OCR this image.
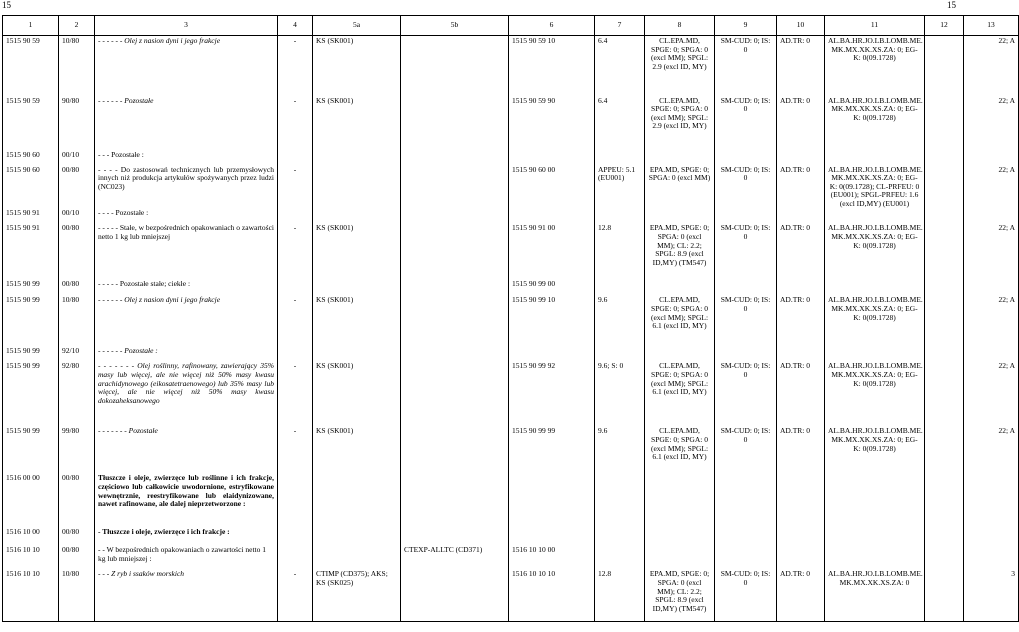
15	15
1	2	3	4	5a	5b	6	7	8	9	10	11	12	13
1515 90 59	10/80	- - - - - - Olej z nasion dyni i jego frakcje	-	KS (SK001)		1515 90 59 10	6.4	CL.EPA.MD, SPGE: 0; SPGA: 0 (excl MM); SPGL: 2.9 (excl ID, MY)	SM-CUD: 0; IS: 0	AD.TR: 0	AL.BA.HR.JO.LB.LOMB.ME. MK.MX.XK.XS.ZA: 0; EG-K: 0(09.1728)		22; A
1515 90 59	90/80	- - - - - - Pozostałe	-	KS (SK001)		1515 90 59 90	6.4	CL.EPA.MD, SPGE: 0; SPGA: 0 (excl MM); SPGL: 2.9 (excl ID, MY)	SM-CUD: 0; IS: 0	AD.TR: 0	AL.BA.HR.JO.LB.LOMB.ME. MK.MX.XK.XS.ZA: 0; EG-K: 0(09.1728)		22; A
1515 90 60	00/10	- - - Pozostałe :											
1515 90 60	00/80	- - - - Do zastosowań technicznych lub przemysłowych innych niż produkcja artykułów spożywanych przez ludzi (NC023)	-			1515 90 60 00	APPEU: 5.1 (EU001)	EPA.MD, SPGE: 0; SPGA: 0 (excl MM)	SM-CUD: 0; IS: 0	AD.TR: 0	AL.BA.HR.JO.LB.LOMB.ME. MK.MX.XK.XS.ZA: 0; EG-K: 0(09.1728); CL-PRFEU: 0 (EU001); SPGL-PRFEU: 1.6 (excl ID,MY) (EU001)		22; A
1515 90 91	00/10	- - - - Pozostałe :											
1515 90 91	00/80	- - - - - Stałe, w bezpośrednich opakowaniach o zawartości netto 1 kg lub mniejszej	-	KS (SK001)		1515 90 91 00	12.8	EPA.MD, SPGE: 0; SPGA: 0 (excl MM); CL: 2.2; SPGL: 8.9 (excl ID,MY) (TM547)	SM-CUD: 0; IS: 0	AD.TR: 0	AL.BA.HR.JO.LB.LOMB.ME. MK.MX.XK.XS.ZA: 0; EG-K: 0(09.1728)		22; A
1515 90 99	00/80	- - - - - Pozostałe stałe; ciekłe :				1515 90 99 00							
1515 90 99	10/80	- - - - - - Olej z nasion dyni i jego frakcje	-	KS (SK001)		1515 90 99 10	9.6	CL.EPA.MD, SPGE: 0; SPGA: 0 (excl MM); SPGL: 6.1 (excl ID, MY)	SM-CUD: 0; IS: 0	AD.TR: 0	AL.BA.HR.JO.LB.LOMB.ME. MK.MX.XK.XS.ZA: 0; EG-K: 0(09.1728)		22; A
1515 90 99	92/10	- - - - - - Pozostałe :											
1515 90 99	92/80	- - - - - - - Olej roślinny, rafinowany, zawierający 35% masy lub więcej, ale nie więcej niż 50% masy kwasu arachidynowego (eikosatetraenowego) lub 35% masy lub więcej, ale nie więcej niż 50% masy kwasu dokozaheksanowego	-	KS (SK001)		1515 90 99 92	9.6; S: 0	CL.EPA.MD, SPGE: 0; SPGA: 0 (excl MM); SPGL: 6.1 (excl ID, MY)	SM-CUD: 0; IS: 0	AD.TR: 0	AL.BA.HR.JO.LB.LOMB.ME. MK.MX.XK.XS.ZA: 0; EG-K: 0(09.1728)		22; A
1515 90 99	99/80	- - - - - - - Pozostałe	-	KS (SK001)		1515 90 99 99	9.6	CL.EPA.MD, SPGE: 0; SPGA: 0 (excl MM); SPGL: 6.1 (excl ID, MY)	SM-CUD: 0; IS: 0	AD.TR: 0	AL.BA.HR.JO.LB.LOMB.ME. MK.MX.XK.XS.ZA: 0; EG-K: 0(09.1728)		22; A
1516 00 00	00/80	Tłuszcze i oleje, zwierzęce lub roślinne i ich frakcje, częściowo lub całkowicie uwodornione, estryfikowane wewnętrznie, reestryfikowane lub elaidynizowane, nawet rafinowane, ale dalej nieprzetworzone :											
1516 10 00	00/80	- Tłuszcze i oleje, zwierzęce i ich frakcje :											
1516 10 10	00/80	- - W bezpośrednich opakowaniach o zawartości netto 1 kg lub mniejszej :			CTEXP-ALLTC (CD371)	1516 10 10 00							
1516 10 10	10/80	- - - Z ryb i ssaków morskich	-	CTIMP (CD375); AKS; KS (SK025)		1516 10 10 10	12.8	EPA.MD, SPGE: 0; SPGA: 0 (excl MM); CL: 2.2; SPGL: 8.9 (excl ID,MY) (TM547)	SM-CUD: 0; IS: 0	AD.TR: 0	AL.BA.HR.JO.LB.LOMB.ME. MK.MX.XK.XS.ZA: 0		3
